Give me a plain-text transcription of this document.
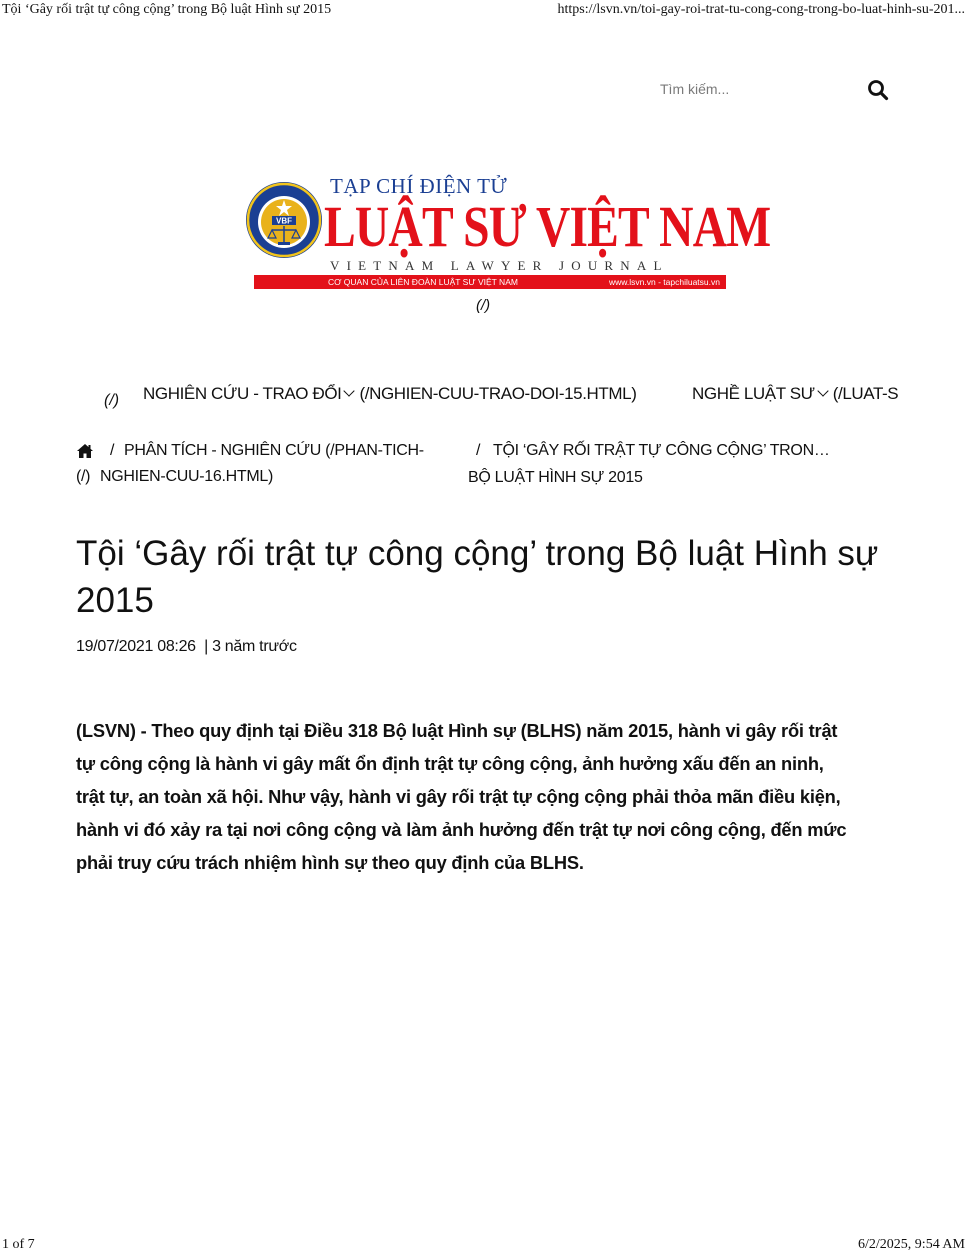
Tội ‘Gây rối trật tự công cộng’ trong Bộ luật Hình sự 2015	https://lsvn.vn/toi-gay-roi-trat-tu-cong-cong-trong-bo-luat-hinh-su-201...
1 of 7	6/2/2025, 9:54 AM
Tìm kiếm...
VBF
TẠP CHÍ ĐIỆN TỬ
LUẬT SƯ VIỆT NAM
VIETNAM LAWYER JOURNAL
CƠ QUAN CỦA LIÊN ĐOÀN LUẬT SƯ VIỆT NAM	www.lsvn.vn - tapchiluatsu.vn
(/)
(/) NGHIÊN CỨU - TRAO ĐỔI (/NGHIEN-CUU-TRAO-DOI-15.HTML)	NGHỀ LUẬT SƯ (/LUAT-S
/ PHÂN TÍCH - NGHIÊN CỨU (/PHAN-TICH-
(/) NGHIEN-CUU-16.HTML)
/ TỘI ‘GÂY RỐI TRẬT TỰ CÔNG CỘNG’ TRON…
BỘ LUẬT HÌNH SỰ 2015
Tội ‘Gây rối trật tự công cộng’ trong Bộ luật Hình sự 2015
19/07/2021 08:26 | 3 năm trước

(LSVN) - Theo quy định tại Điều 318 Bộ luật Hình sự (BLHS) năm 2015, hành vi gây rối trật
tự công cộng là hành vi gây mất ổn định trật tự công cộng, ảnh hưởng xấu đến an ninh,
trật tự, an toàn xã hội. Như vậy, hành vi gây rối trật tự cộng cộng phải thỏa mãn điều kiện,
hành vi đó xảy ra tại nơi công cộng và làm ảnh hưởng đến trật tự nơi công cộng, đến mức
phải truy cứu trách nhiệm hình sự theo quy định của BLHS.
